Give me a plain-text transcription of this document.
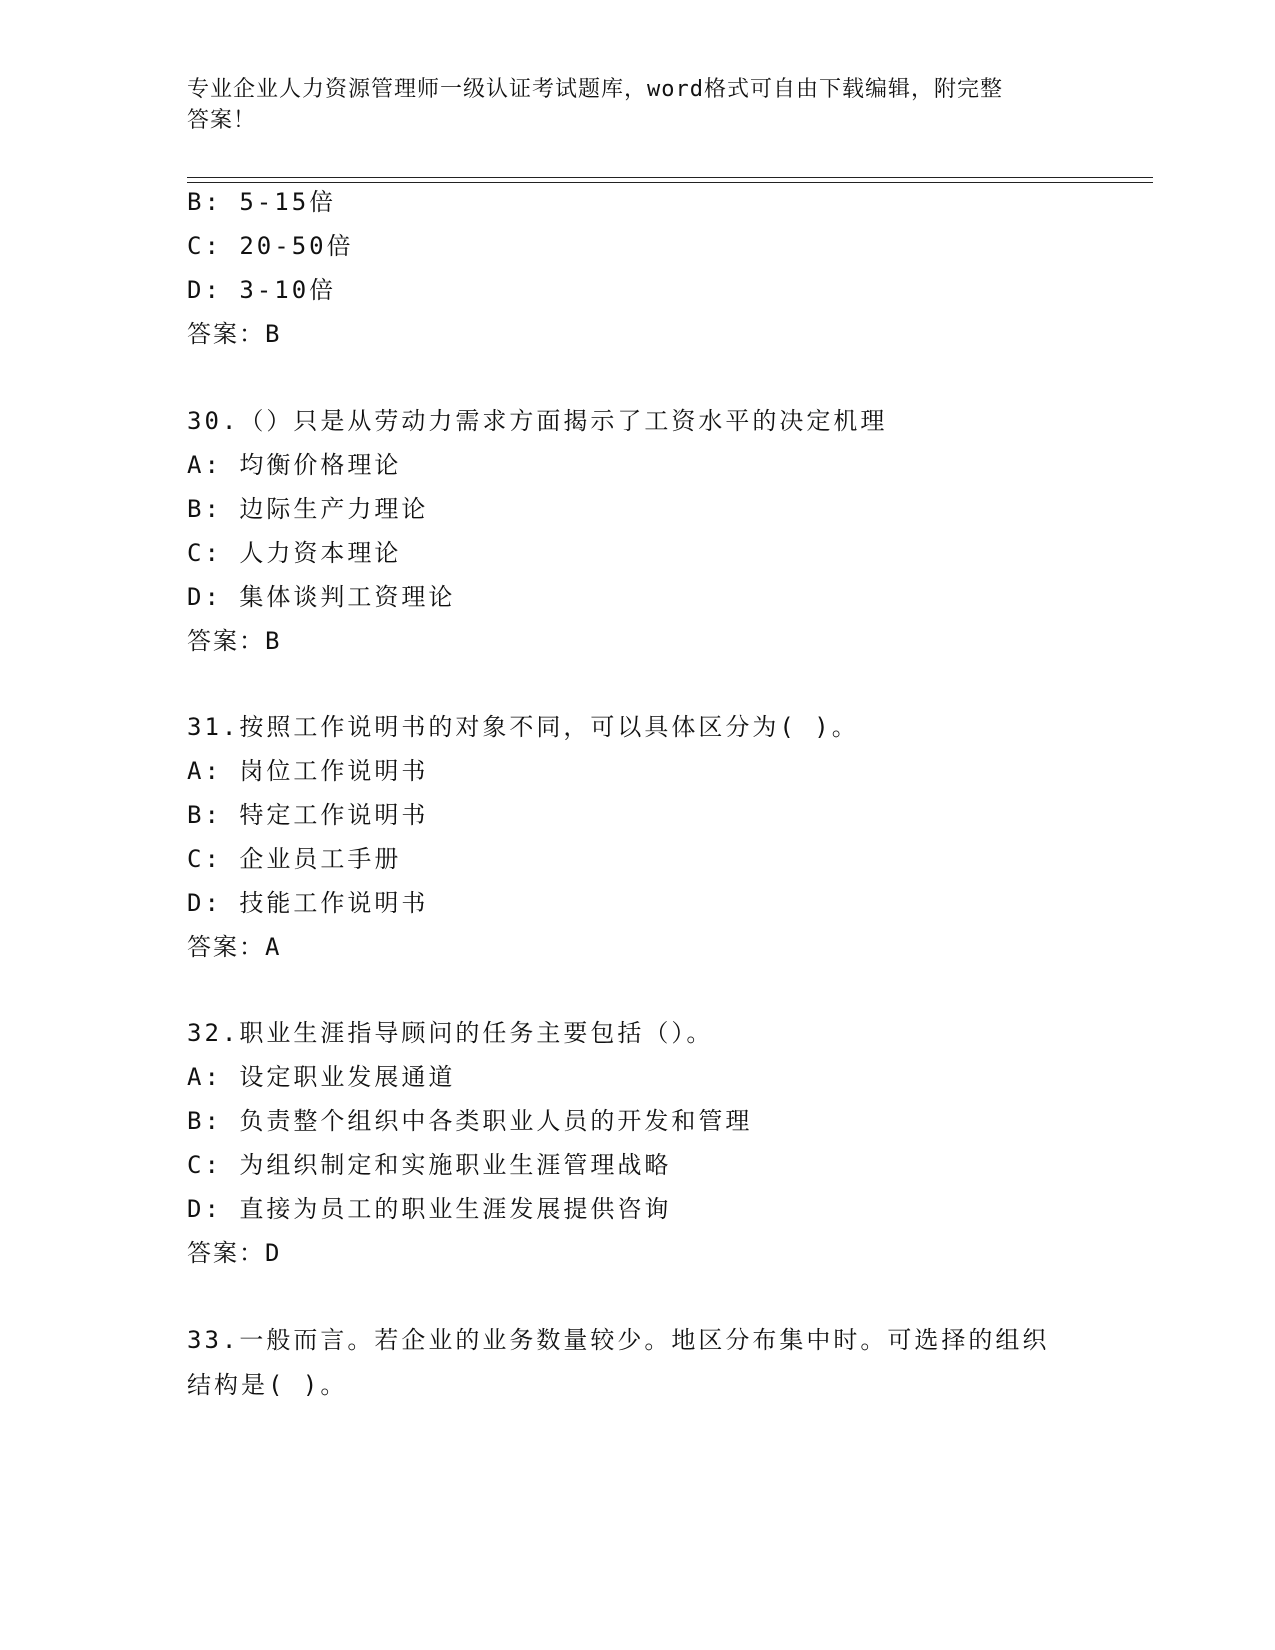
专业企业人力资源管理师一级认证考试题库，word格式可自由下载编辑，附完整
答案！
B: 5-15倍
C: 20-50倍
D: 3-10倍
答案：B
30.（）只是从劳动力需求方面揭示了工资水平的决定机理
A: 均衡价格理论
B: 边际生产力理论
C: 人力资本理论
D: 集体谈判工资理论
答案：B
31.按照工作说明书的对象不同，可以具体区分为( )。
A: 岗位工作说明书
B: 特定工作说明书
C: 企业员工手册
D: 技能工作说明书
答案：A
32.职业生涯指导顾问的任务主要包括（）。
A: 设定职业发展通道
B: 负责整个组织中各类职业人员的开发和管理
C: 为组织制定和实施职业生涯管理战略
D: 直接为员工的职业生涯发展提供咨询
答案：D
33.一般而言。若企业的业务数量较少。地区分布集中时。可选择的组织结构是( )。
